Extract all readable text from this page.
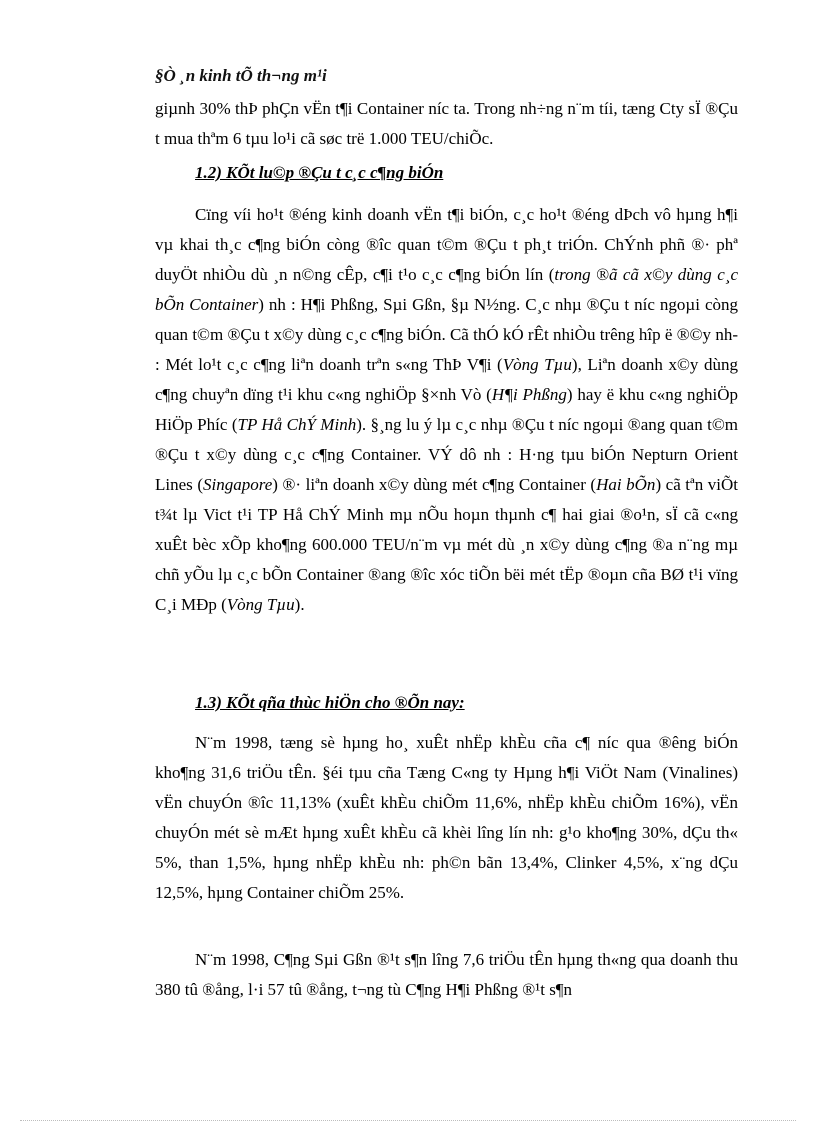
§Ò ¸n kinh tÕ th¬ng m¹i

giµnh 30% thÞ phÇn vËn t¶i Container níc ta. Trong nh÷ng n¨m tíi, tæng Cty sÏ ®Çu t mua thªm 6 tµu lo¹i cã søc trë 1.000 TEU/chiÕc.

1.2) KÕt lu©p ®Çu t c¸c c¶ng biÓn

Cïng víi ho¹t ®éng kinh doanh vËn t¶i biÓn, c¸c ho¹t ®éng dÞch vô hµng h¶i vµ khai th¸c c¶ng biÓn còng ®îc quan t©m ®Çu t ph¸t triÓn. ChÝnh phñ ®· phª duyÖt nhiÒu dù ¸n n©ng cÊp, c¶i t¹o c¸c c¶ng biÓn lín (trong ®ã cã x©y dùng c¸c bÕn Container) nh : H¶i Phßng, Sµi Gßn, §µ N½ng. C¸c nhµ ®Çu t níc ngoµi còng quan t©m ®Çu t x©y dùng c¸c c¶ng biÓn. Cã thÓ kÓ rÊt nhiÒu trêng hîp ë ®©y nh : Mét lo¹t c¸c c¶ng liªn doanh trªn s«ng ThÞ V¶i (Vòng Tµu), Liªn doanh x©y dùng c¶ng chuyªn dïng t¹i khu c«ng nghiÖp §×nh Vò (H¶i Phßng) hay ë khu c«ng nghiÖp HiÖp Phíc (TP Hå ChÝ Minh). §¸ng lu ý lµ c¸c nhµ ®Çu t níc ngoµi ®ang quan t©m ®Çu t x©y dùng c¸c c¶ng Container. VÝ dô nh : H·ng tµu biÓn Nepturn Orient Lines (Singapore) ®· liªn doanh x©y dùng mét c¶ng Container (Hai bÕn) cã tªn viÕt t¾t lµ Vict t¹i TP Hå ChÝ Minh mµ nÕu hoµn thµnh c¶ hai giai ®o¹n, sÏ cã c«ng xuÊt bèc xÕp kho¶ng 600.000 TEU/n¨m vµ mét dù ¸n x©y dùng c¶ng ®a n¨ng mµ chñ yÕu lµ c¸c bÕn Container ®ang ®îc xóc tiÕn bëi mét tËp ®oµn cña BØ t¹i vïng C¸i MÐp (Vòng Tµu).

1.3) KÕt qña thùc hiÖn cho ®Õn nay:

N¨m 1998, tæng sè hµng ho¸ xuÊt nhËp khÈu cña c¶ níc qua ®êng biÓn kho¶ng 31,6 triÖu tÊn. §éi tµu cña Tæng C«ng ty Hµng h¶i ViÖt Nam (Vinalines) vËn chuyÓn ®îc 11,13% (xuÊt khÈu chiÕm 11,6%, nhËp khÈu chiÕm 16%), vËn chuyÓn mét sè mÆt hµng xuÊt khÈu cã khèi lîng lín nh: g¹o kho¶ng 30%, dÇu th« 5%, than 1,5%, hµng nhËp khÈu nh: ph©n bãn 13,4%, Clinker 4,5%, x¨ng dÇu 12,5%, hµng Container chiÕm 25%.

N¨m 1998, C¶ng Sµi Gßn ®¹t s¶n lîng 7,6 triÖu tÊn hµng th«ng qua doanh thu 380 tû ®ång, l·i 57 tû ®ång, t¬ng tù C¶ng H¶i Phßng ®¹t s¶n
